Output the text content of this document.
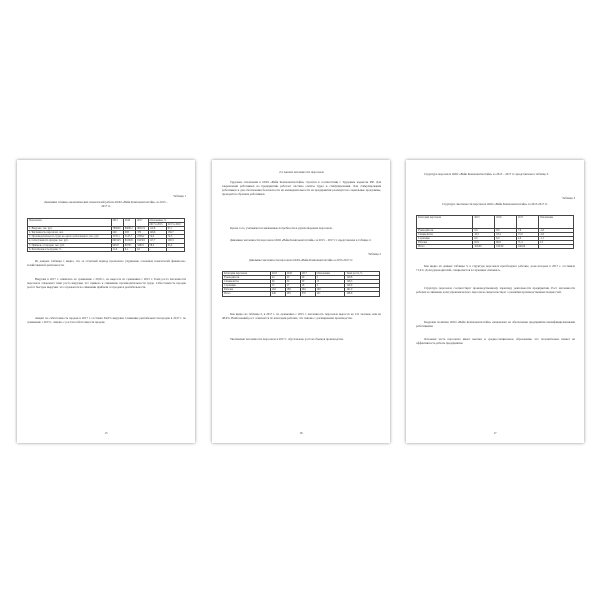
Таблица 1
Динамика технико-экономических показателей работы ООО «Вейк Компоненталтайн» за 2015 – 2017 гг.
Показатели	2015	2016	2017	Отклонение, %	
				2017 к 2015	2017 к 2016
1. Выручка, тыс. руб.	780650	890812	865119	110,8	97,1
2. Численность персонала, чел.	249	283	370	148,6	130,7
3. Производительность труда на одного работающего, тыс. руб.	3135,1	3147,7	2338,2	74,6	74,3
4. Себестоимость продаж, тыс. руб.	690123	810045	812301	117,7	100,3
5. Прибыль от продаж, тыс. руб.	90527	80767	52818	58,3	65,4
6. Рентабельность продаж, %	11,6	9,1	6,1	-	-
Из данных таблицы 1 видно, что за отчетный период произошло ухудшение основных показателей финансово-хозяйственной деятельности.
Выручка в 2017 г. снизилась по сравнению с 2016 г., но выросла по сравнению с 2015 г. Темп роста численности персонала опережает темп роста выручки, что привело к снижению производительности труда. Себестоимость продаж растет быстрее выручки, что отражается на снижении прибыли от продаж и рентабельности.
Акцент на себестоимость продаж в 2017 г. составил 94,0% выручки. Снижение рентабельности продаж в 2017 г. по сравнению с 2015 г. связано с ростом себестоимости продаж.
15
2.2 Анализ численности персонала
Трудовые отношения в ООО «Вейк Компоненталтайн» строятся в соответствии с Трудовым кодексом РФ. Для закрепления работников на предприятии работает система оплаты труда и стимулирования. Для стимулирования работников и для обеспечения безопасности их жизнедеятельности на предприятии реализуются социальные программы, проводится обучение работников.
Кроме того, учитываются жизненные потребности и удовлетворение персонала.
Динамика численности персонала ООО «Вейк Компоненталтайн» за 2015 – 2017 гг. представлена в таблице 2.
Таблица 2
Динамика численности персонала ООО «Вейк Компоненталтайн» в 2015-2017 гг.
Категория персонала	2015	2016	2017	Отклонение	Темп роста, %
Руководители	24	25	29	5	120,8
Специалисты	46	52	59	13	128,3
Служащие	15	17	18	3	120,0
Рабочие	164	189	264	100	161,0
Итого	249	283	370	121	148,6
Как видно из таблицы 2, в 2017 г. по сравнению с 2015 г. численность персонала выросла на 121 человек, или на 48,6%. Наибольший рост отмечается по категории рабочих, что связано с расширением производства.
Увеличение численности персонала в 2017 г. обусловлено ростом объемов производства.
16
Структура персонала ООО «Вейк Компоненталтайн» за 2015 – 2017 гг. представлена в таблице 3.
Таблица 3
Структура численности персонала ООО «Вейк Компоненталтайн» за 2015-2017 гг.
Категория персонала	2015	2016	2017	Отклонение
Руководители	9,6	8,8	7,8	-1,8
Специалисты	18,5	18,4	15,9	-2,6
Служащие	6,0	6,0	4,9	-1,1
Рабочие	65,9	66,8	71,4	5,5
Итого	100,00	100,00	100,00	-
Как видно из данных таблицы 3, в структуре персонала преобладают рабочие, доля которых в 2017 г. составила 71,4%. Доля руководителей, специалистов и служащих снизилась.
Структура персонала соответствует производственному характеру деятельности предприятия. Рост численности рабочих и снижение доли управленческого персонала свидетельствует о развитии производственных мощностей.
Кадровая политика ООО «Вейк Компоненталтайн» направлена на обеспечение предприятия квалифицированными работниками.
Основная часть персонала имеет высшее и средне-специальное образование, что положительно влияет на эффективность работы предприятия.
17
